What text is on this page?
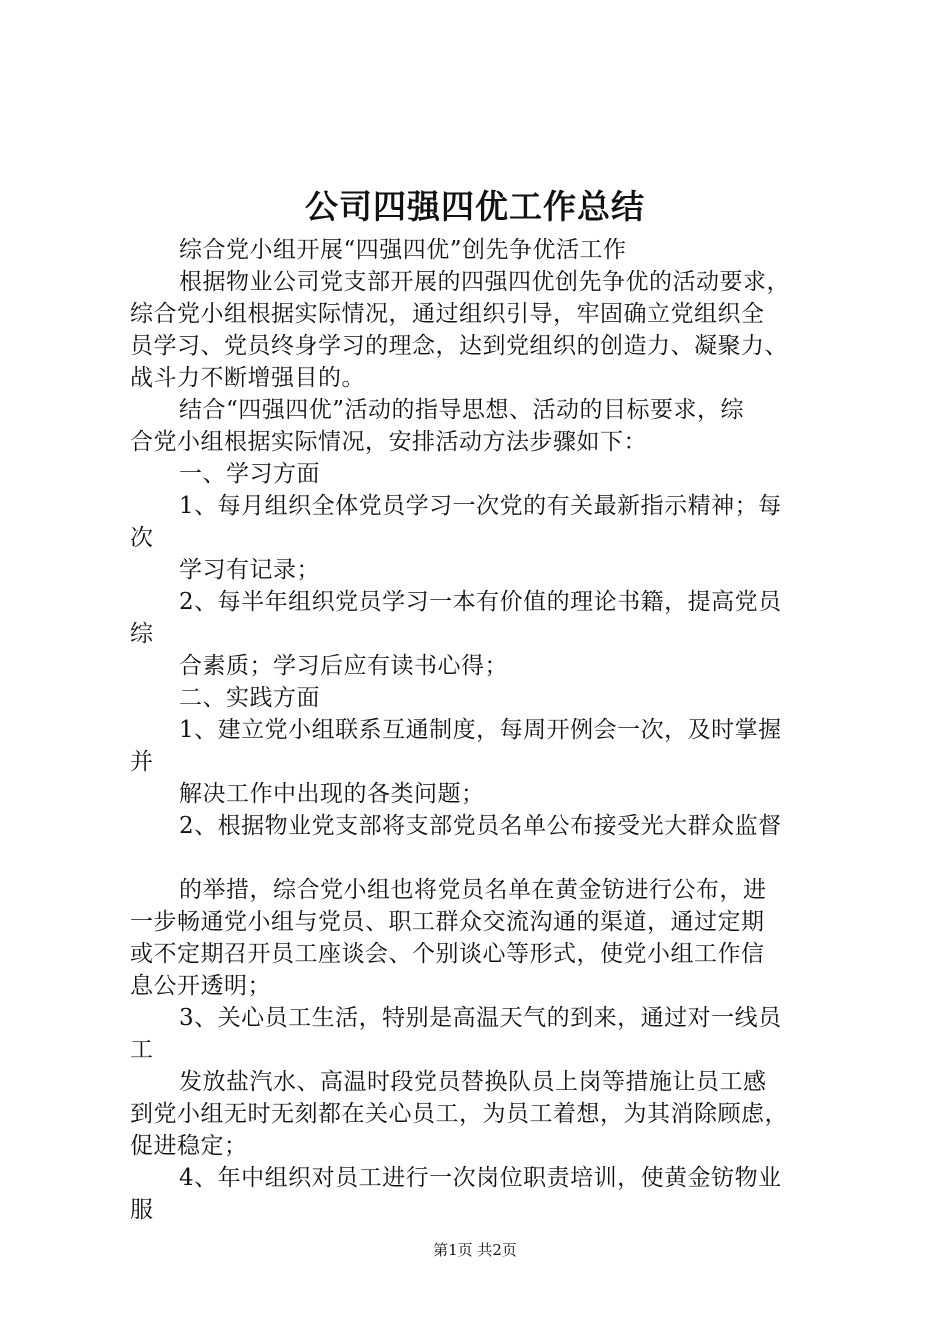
公司四强四优工作总结
综合党小组开展“四强四优”创先争优活工作
根据物业公司党支部开展的四强四优创先争优的活动要求，
综合党小组根据实际情况，通过组织引导，牢固确立党组织全
员学习、党员终身学习的理念，达到党组织的创造力、凝聚力、
战斗力不断增强目的。
结合“四强四优”活动的指导思想、活动的目标要求，综
合党小组根据实际情况，安排活动方法步骤如下：
一、学习方面
1、每月组织全体党员学习一次党的有关最新指示精神；每
次
学习有记录；
2、每半年组织党员学习一本有价值的理论书籍，提高党员
综
合素质；学习后应有读书心得；
二、实践方面
1、建立党小组联系互通制度，每周开例会一次，及时掌握
并
解决工作中出现的各类问题；
2、根据物业党支部将支部党员名单公布接受光大群众监督
的举措，综合党小组也将党员名单在黄金钫进行公布，进
一步畅通党小组与党员、职工群众交流沟通的渠道，通过定期
或不定期召开员工座谈会、个别谈心等形式，使党小组工作信
息公开透明；
3、关心员工生活，特别是高温天气的到来，通过对一线员
工
发放盐汽水、高温时段党员替换队员上岗等措施让员工感
到党小组无时无刻都在关心员工，为员工着想，为其消除顾虑，
促进稳定；
4、年中组织对员工进行一次岗位职责培训，使黄金钫物业
服
第1页 共2页
